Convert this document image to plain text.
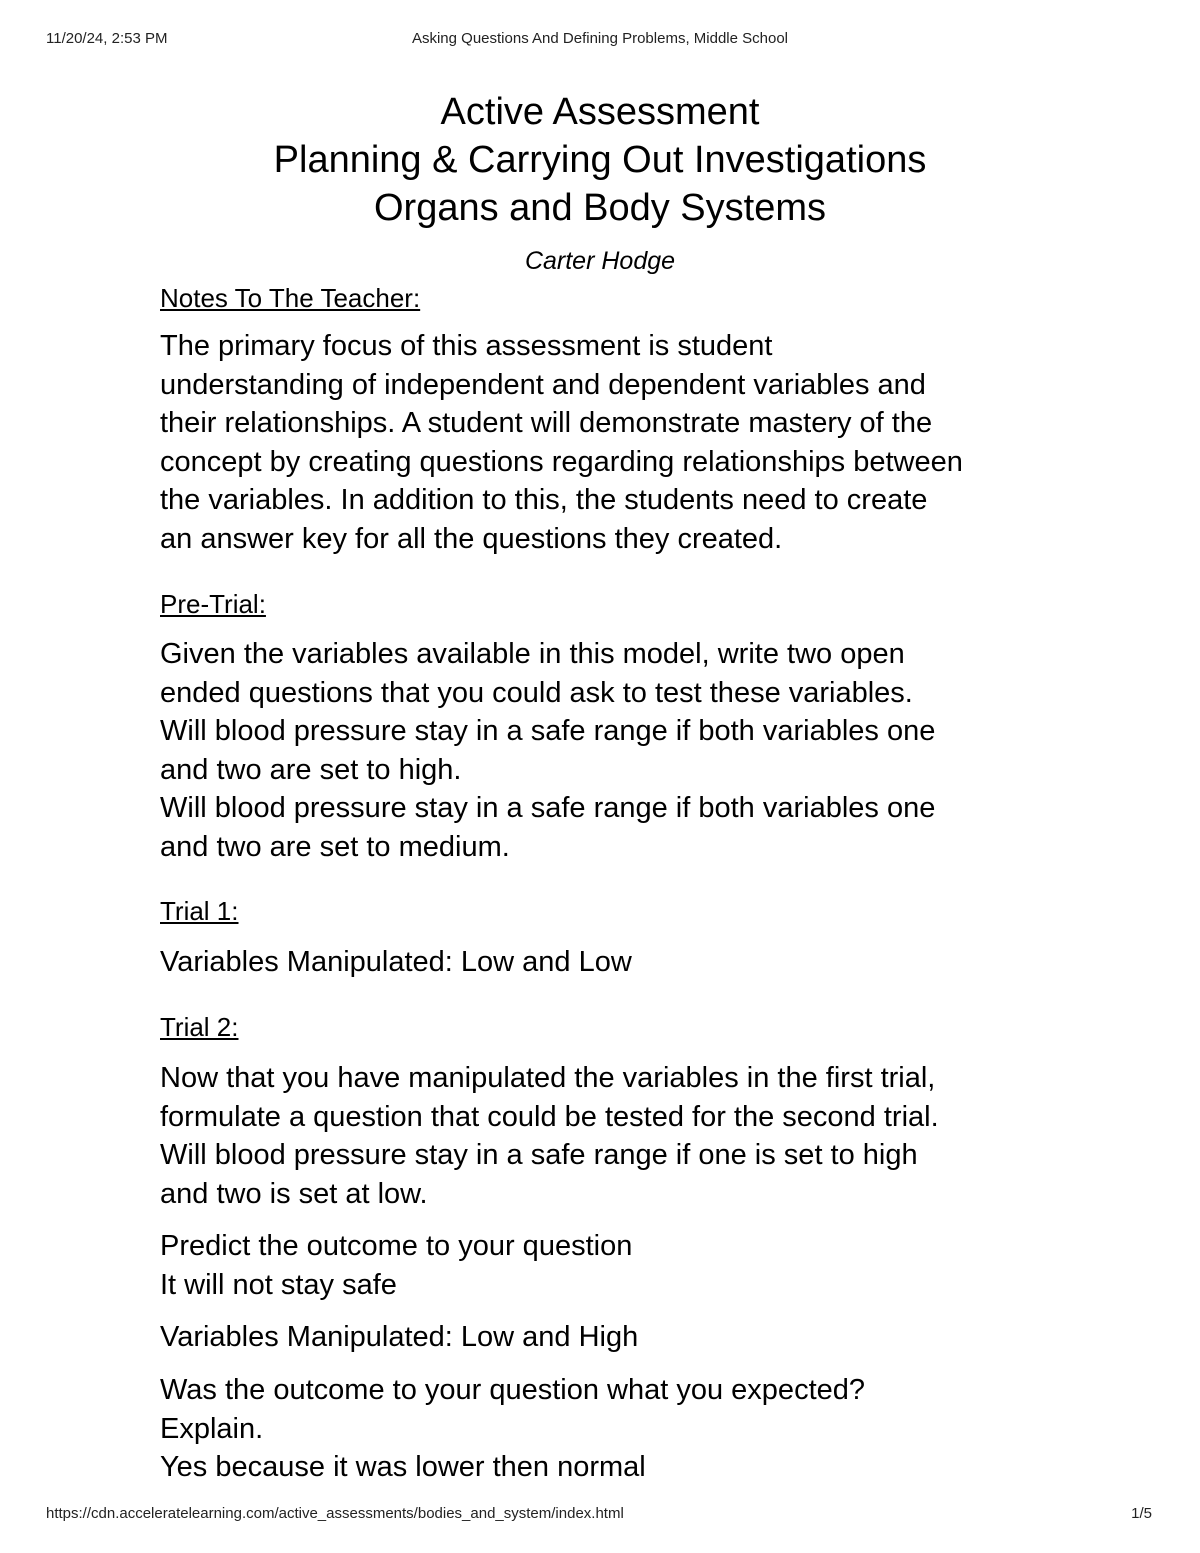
11/20/24, 2:53 PM	Asking Questions And Defining Problems, Middle School
Active Assessment
Planning & Carrying Out Investigations
Organs and Body Systems
Carter Hodge
Notes To The Teacher:
The primary focus of this assessment is student
understanding of independent and dependent variables and
their relationships. A student will demonstrate mastery of the
concept by creating questions regarding relationships between
the variables. In addition to this, the students need to create
an answer key for all the questions they created.
Pre-Trial:
Given the variables available in this model, write two open
ended questions that you could ask to test these variables.
Will blood pressure stay in a safe range if both variables one
and two are set to high.
Will blood pressure stay in a safe range if both variables one
and two are set to medium.
Trial 1:
Variables Manipulated: Low and Low
Trial 2:
Now that you have manipulated the variables in the first trial,
formulate a question that could be tested for the second trial.
Will blood pressure stay in a safe range if one is set to high
and two is set at low.
Predict the outcome to your question
It will not stay safe
Variables Manipulated: Low and High
Was the outcome to your question what you expected?
Explain.
Yes because it was lower then normal
https://cdn.acceleratelearning.com/active_assessments/bodies_and_system/index.html	1/5
